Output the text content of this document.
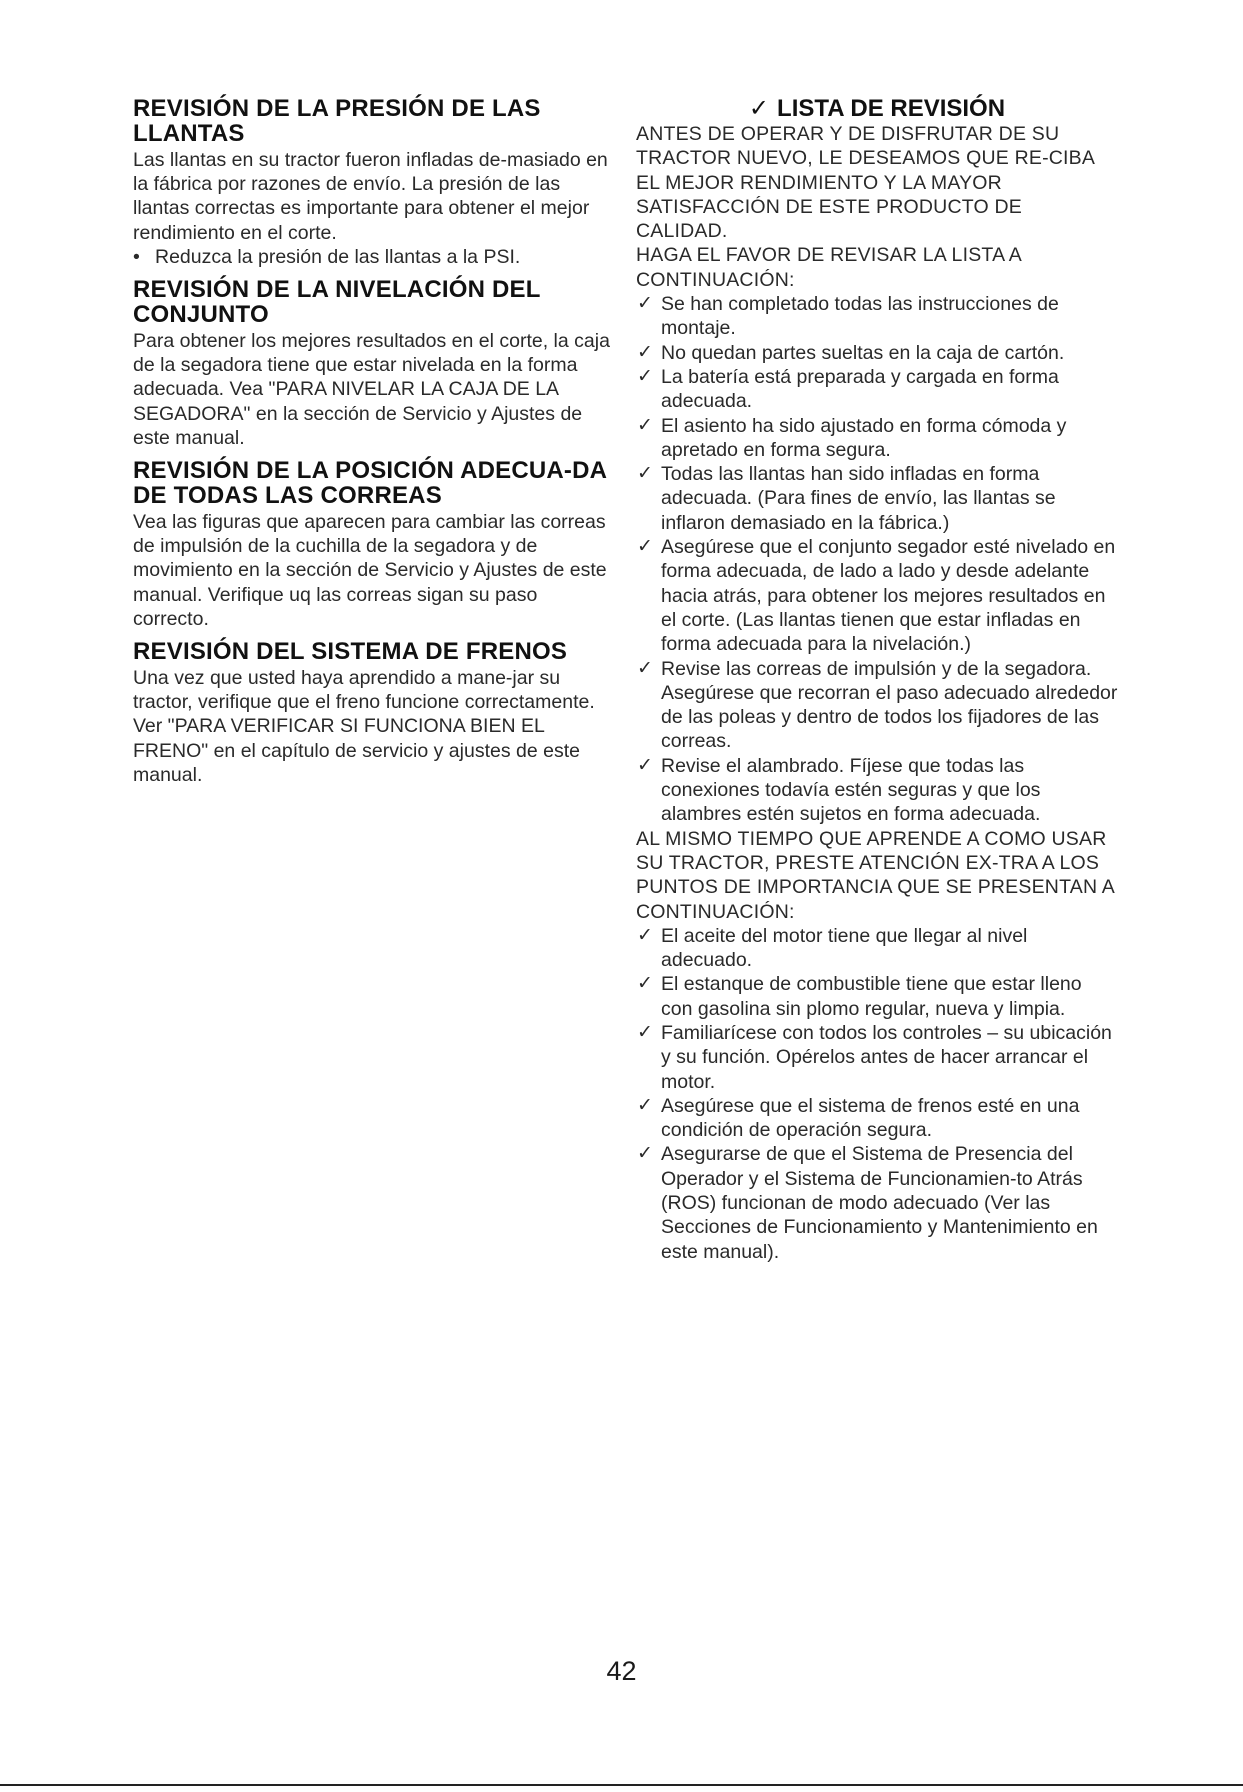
REVISIÓN DE LA PRESIÓN DE LAS LLANTAS

Las llantas en su tractor fueron infladas de-masiado en la fábrica por razones de envío. La presión de las llantas correctas es importante para obtener el mejor rendimiento en el corte.

• Reduzca la presión de las llantas a la PSI.

REVISIÓN DE LA NIVELACIÓN DEL CONJUNTO

Para obtener los mejores resultados en el corte, la caja de la segadora tiene que estar nivelada en la forma adecuada. Vea "PARA NIVELAR LA CAJA DE LA SEGADORA" en la sección de Servicio y Ajustes de este manual.

REVISIÓN DE LA POSICIÓN ADECUA-DA DE TODAS LAS CORREAS

Vea las figuras que aparecen para cambiar las correas de impulsión de la cuchilla de la segadora y de movimiento en la sección de Servicio y Ajustes de este manual. Verifique uq las correas sigan su paso correcto.

REVISIÓN DEL SISTEMA DE FRENOS

Una vez que usted haya aprendido a mane-jar su tractor, verifique que el freno funcione correctamente. Ver "PARA VERIFICAR SI FUNCIONA BIEN EL FRENO" en el capítulo de servicio y ajustes de este manual.

✓ LISTA DE REVISIÓN

ANTES DE OPERAR Y DE DISFRUTAR DE SU TRACTOR NUEVO, LE DESEAMOS QUE RE-CIBA EL MEJOR RENDIMIENTO Y LA MAYOR SATISFACCIÓN DE ESTE PRODUCTO DE CALIDAD.

HAGA EL FAVOR DE REVISAR LA LISTA A CONTINUACIÓN:

✓ Se han completado todas las instrucciones de montaje.

✓ No quedan partes sueltas en la caja de cartón.

✓ La batería está preparada y cargada en forma adecuada.

✓ El asiento ha sido ajustado en forma cómoda y apretado en forma segura.

✓ Todas las llantas han sido infladas en forma adecuada. (Para fines de envío, las llantas se inflaron demasiado en la fábrica.)

✓ Asegúrese que el conjunto segador esté nivelado en forma adecuada, de lado a lado y desde adelante hacia atrás, para obtener los mejores resultados en el corte. (Las llantas tienen que estar infladas en forma adecuada para la nivelación.)

✓ Revise las correas de impulsión y de la segadora. Asegúrese que recorran el paso adecuado alrededor de las poleas y dentro de todos los fijadores de las correas.

✓ Revise el alambrado. Fíjese que todas las conexiones todavía estén seguras y que los alambres estén sujetos en forma adecuada.

AL MISMO TIEMPO QUE APRENDE A COMO USAR SU TRACTOR, PRESTE ATENCIÓN EX-TRA A LOS PUNTOS DE IMPORTANCIA QUE SE PRESENTAN A CONTINUACIÓN:

✓ El aceite del motor tiene que llegar al nivel adecuado.

✓ El estanque de combustible tiene que estar lleno con gasolina sin plomo regular, nueva y limpia.

✓ Familiarícese con todos los controles – su ubicación y su función. Opérelos antes de hacer arrancar el motor.

✓ Asegúrese que el sistema de frenos esté en una condición de operación segura.

✓ Asegurarse de que el Sistema de Presencia del Operador y el Sistema de Funcionamien-to Atrás (ROS) funcionan de modo adecuado (Ver las Secciones de Funcionamiento y Mantenimiento en este manual).

42
